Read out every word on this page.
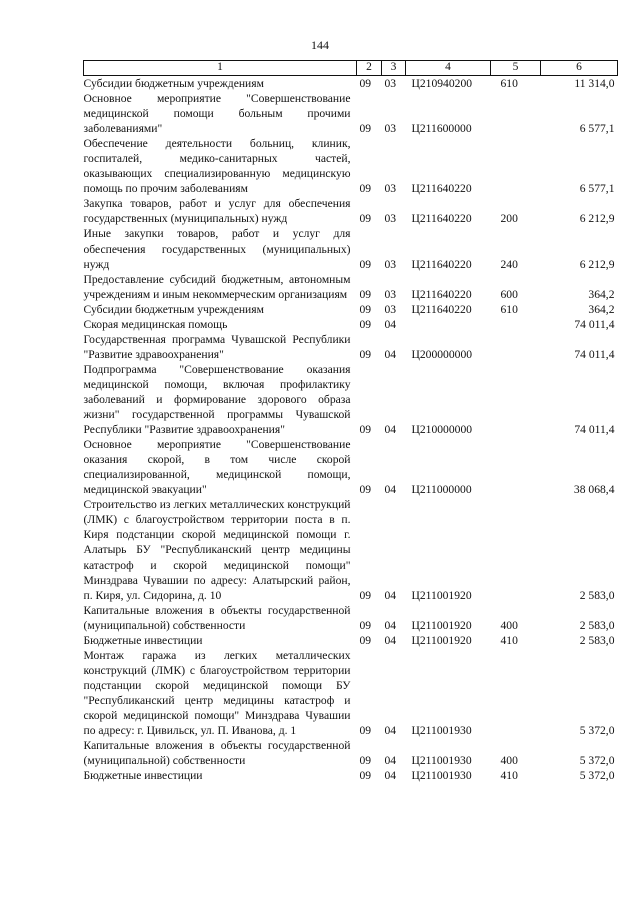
144
1	2	3	4	5	6
Субсидии бюджетным учреждениям	09	03	Ц210940200	610	11 314,0
Основное мероприятие "Совершенствование медицинской помощи больным прочими заболеваниями"	09	03	Ц211600000		6 577,1
Обеспечение деятельности больниц, клиник, госпиталей, медико-санитарных частей, оказывающих специализированную медицинскую помощь по прочим заболеваниям	09	03	Ц211640220		6 577,1
Закупка товаров, работ и услуг для обеспечения государственных (муниципальных) нужд	09	03	Ц211640220	200	6 212,9
Иные закупки товаров, работ и услуг для обеспечения государственных (муниципальных) нужд	09	03	Ц211640220	240	6 212,9
Предоставление субсидий бюджетным, автономным учреждениям и иным некоммерческим организациям	09	03	Ц211640220	600	364,2
Субсидии бюджетным учреждениям	09	03	Ц211640220	610	364,2
Скорая медицинская помощь	09	04			74 011,4
Государственная программа Чувашской Республики "Развитие здравоохранения"	09	04	Ц200000000		74 011,4
Подпрограмма "Совершенствование оказания медицинской помощи, включая профилактику заболеваний и формирование здорового образа жизни" государственной программы Чувашской Республики "Развитие здравоохранения"	09	04	Ц210000000		74 011,4
Основное мероприятие "Совершенствование оказания скорой, в том числе скорой специализированной, медицинской помощи, медицинской эвакуации"	09	04	Ц211000000		38 068,4
Строительство из легких металлических конструкций (ЛМК) с благоустройством территории поста в п. Киря подстанции скорой медицинской помощи г. Алатырь БУ "Республиканский центр медицины катастроф и скорой медицинской помощи" Минздрава Чувашии по адресу: Алатырский район, п. Киря, ул. Сидорина, д. 10	09	04	Ц211001920		2 583,0
Капитальные вложения в объекты государственной (муниципальной) собственности	09	04	Ц211001920	400	2 583,0
Бюджетные инвестиции	09	04	Ц211001920	410	2 583,0
Монтаж гаража из легких металлических конструкций (ЛМК) с благоустройством территории подстанции скорой медицинской помощи БУ "Республиканский центр медицины катастроф и скорой медицинской помощи" Минздрава Чувашии по адресу: г. Цивильск, ул. П. Иванова, д. 1	09	04	Ц211001930		5 372,0
Капитальные вложения в объекты государственной (муниципальной) собственности	09	04	Ц211001930	400	5 372,0
Бюджетные инвестиции	09	04	Ц211001930	410	5 372,0
